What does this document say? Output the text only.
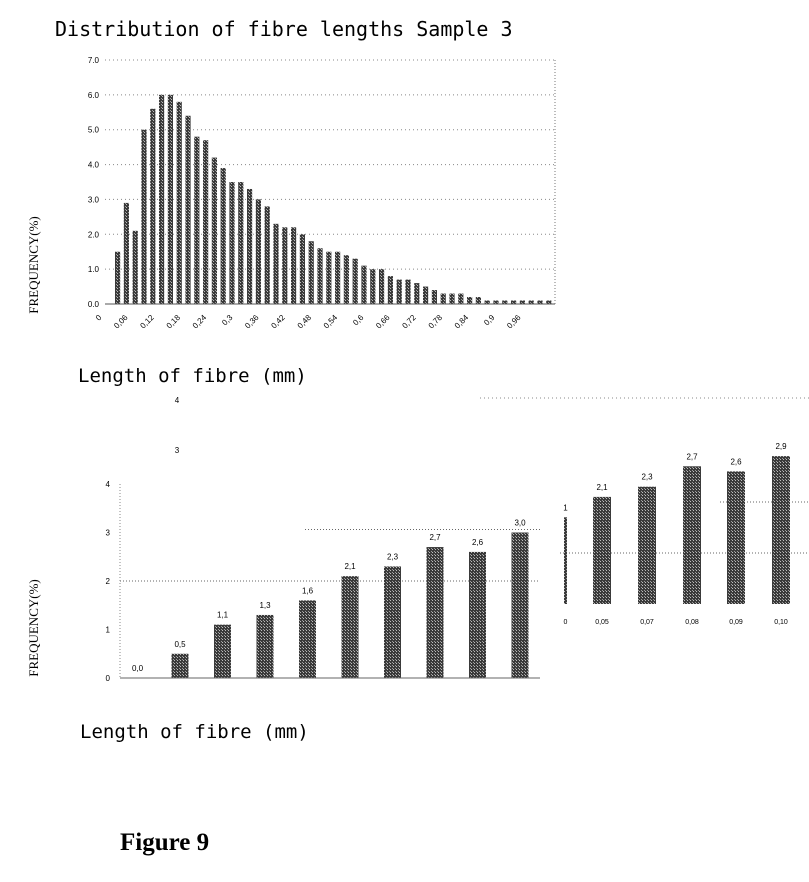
Distribution of fibre lengths Sample 3
FREQUENCY(%)	0.0
1.0
2.0
3.0
4.0
5.0
6.0
7.0
0 0,06 0,12 0,18 0,24 0,3 0,36 0,42 0,48 0,54 0,6 0,66 0,72 0,78 0,84 0,9 0,96
Length of fibre (mm)
FREQUENCY(%)
0
1
2
3
4
0,0
0,5
1,1
1,3
1,6
2,1
2,3
2,7
2,6
3,0
Length of fibre (mm)
4
3
1
2,1
2,3
2,7
2,6
2,9
0	0,05	0,07	0,08	0,09	0,10
Figure 9
